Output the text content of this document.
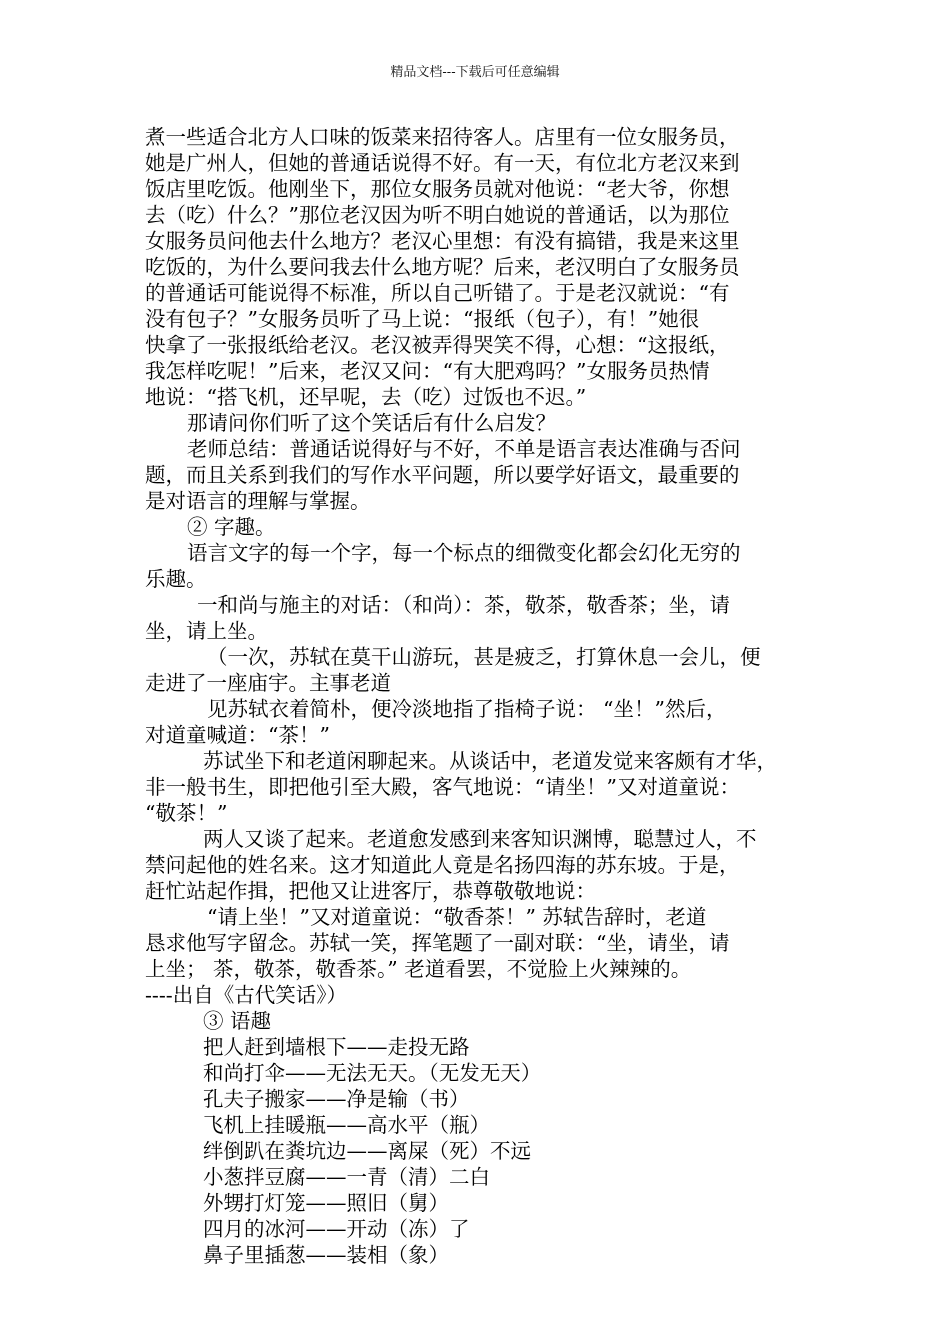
精品文档---下载后可任意编辑
煮一些适合北方人口味的饭菜来招待客人。店里有一位女服务员，
她是广州人，但她的普通话说得不好。有一天，有位北方老汉来到
饭店里吃饭。他刚坐下，那位女服务员就对他说：“老大爷，你想
去（吃）什么？”那位老汉因为听不明白她说的普通话，以为那位
女服务员问他去什么地方？老汉心里想：有没有搞错，我是来这里
吃饭的，为什么要问我去什么地方呢？后来，老汉明白了女服务员
的普通话可能说得不标准，所以自己听错了。于是老汉就说：“有
没有包子？”女服务员听了马上说：“报纸（包子），有！”她很
快拿了一张报纸给老汉。老汉被弄得哭笑不得，心想：“这报纸，
我怎样吃呢！”后来，老汉又问：“有大肥鸡吗？”女服务员热情
地说：“搭飞机，还早呢，去（吃）过饭也不迟。”
那请问你们听了这个笑话后有什么启发？
老师总结：普通话说得好与不好，不单是语言表达准确与否问
题，而且关系到我们的写作水平问题，所以要学好语文，最重要的
是对语言的理解与掌握。
② 字趣。
语言文字的每一个字，每一个标点的细微变化都会幻化无穷的
乐趣。
一和尚与施主的对话：（和尚）：茶，敬茶，敬香茶；坐，请
坐，请上坐。
（一次，苏轼在莫干山游玩，甚是疲乏，打算休息一会儿，便
走进了一座庙宇。主事老道
见苏轼衣着简朴，便冷淡地指了指椅子说： “坐！”然后，
对道童喊道：“茶！”
苏试坐下和老道闲聊起来。从谈话中，老道发觉来客颇有才华，
非一般书生，即把他引至大殿，客气地说：“请坐！”又对道童说：
“敬茶！”
两人又谈了起来。老道愈发感到来客知识渊博，聪慧过人，不
禁问起他的姓名来。这才知道此人竟是名扬四海的苏东坡。于是，
赶忙站起作揖，把他又让进客厅，恭尊敬敬地说：
“请上坐！”又对道童说：“敬香茶！” 苏轼告辞时，老道
恳求他写字留念。苏轼一笑，挥笔题了一副对联：“坐，请坐，请
上坐； 茶，敬茶，敬香茶。” 老道看罢，不觉脸上火辣辣的。
----出自《古代笑话》）
③ 语趣
把人赶到墙根下——走投无路
和尚打伞——无法无天。（无发无天）
孔夫子搬家——净是输（书）
飞机上挂暖瓶——高水平（瓶）
绊倒趴在粪坑边——离屎（死）不远
小葱拌豆腐——一青（清）二白
外甥打灯笼——照旧（舅）
四月的冰河——开动（冻）了
鼻子里插葱——装相（象）
